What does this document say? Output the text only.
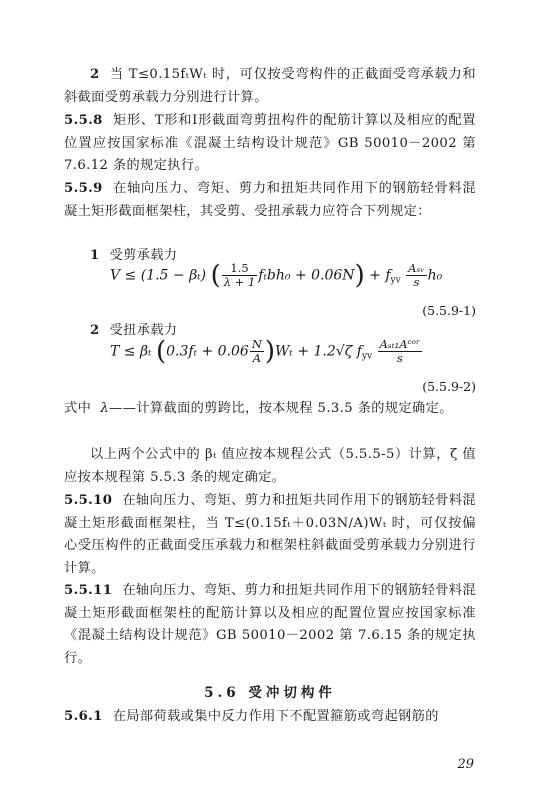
2 当 T≤0.15fₜWₜ 时，可仅按受弯构件的正截面受弯承载力和斜截面受剪承载力分别进行计算。

5.5.8 矩形、T形和I形截面弯剪扭构件的配筋计算以及相应的配置位置应按国家标准《混凝土结构设计规范》GB 50010－2002 第 7.6.12 条的规定执行。

5.5.9 在轴向压力、弯矩、剪力和扭矩共同作用下的钢筋轻骨料混凝土矩形截面框架柱，其受剪、受扭承载力应符合下列规定：

1 受剪承载力

V ≤ (1.5 − βₜ) ( $\frac{1.5}{\lambda + 1} f_tbh_0 + 0.06N) + f_{yv} \frac{\text{Aₛᵥ}}{s} h_0$
(5.5.9-1)

2 受扭承载力

T ≤ βₜ $(0.3f_t + 0.06 \frac{N}{A} )W_t + 1.2√\zeta$ $f_{yv} \frac{\text{Aₛₜ₁Aᶜᵒʳ}}{s}$
(5.5.9-2)

式中 λ——计算截面的剪跨比，按本规程 5.3.5 条的规定确定。

以上两个公式中的 βₜ 值应按本规程公式（5.5.5-5）计算，ζ 值应按本规程第 5.5.3 条的规定确定。

5.5.10 在轴向压力、弯矩、剪力和扭矩共同作用下的钢筋轻骨料混凝土矩形截面框架柱，当 T≤(0.15fₜ＋0.03N/A)Wₜ 时，可仅按偏心受压构件的正截面受压承载力和框架柱斜截面受剪承载力分别进行计算。

5.5.11 在轴向压力、弯矩、剪力和扭矩共同作用下的钢筋轻骨料混凝土矩形截面框架柱的配筋计算以及相应的配置位置应按国家标准《混凝土结构设计规范》GB 50010－2002 第 7.6.15 条的规定执行。

5.6 受冲切构件

5.6.1 在局部荷载或集中反力作用下不配置箍筋或弯起钢筋的

29
